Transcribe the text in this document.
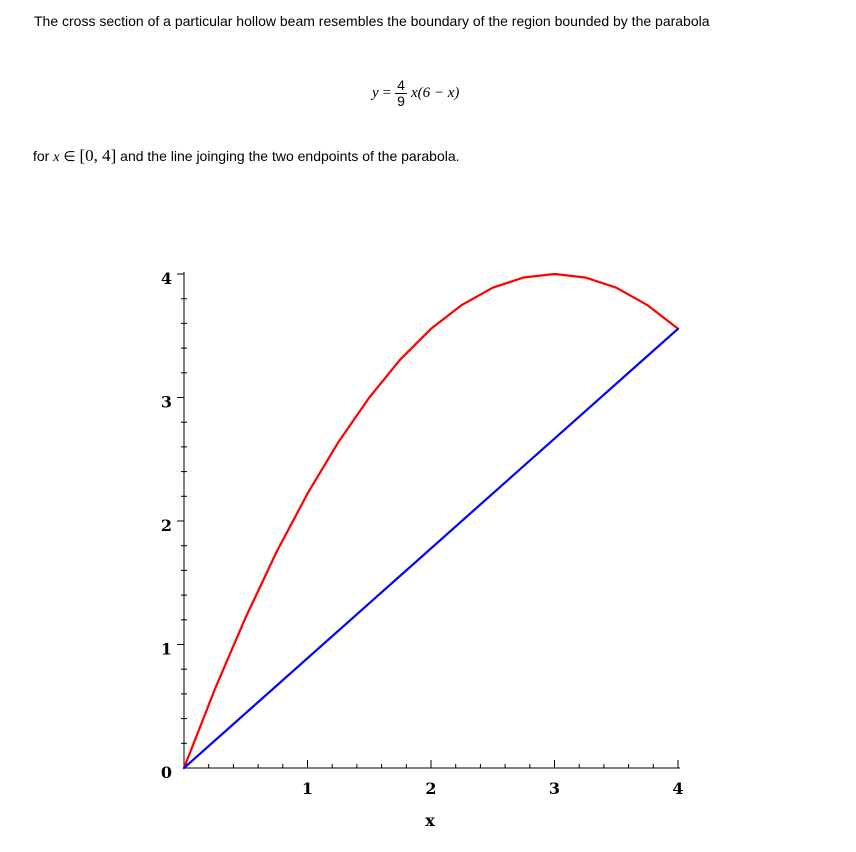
The cross section of a particular hollow beam resembles the boundary of the region bounded by the parabola
$y = \frac{4}{9} x(6 - x)$
for x ∈ [0, 4] and the line joinging the two endpoints of the parabola.
1	2	3	4
0
1
2
3
4
x
